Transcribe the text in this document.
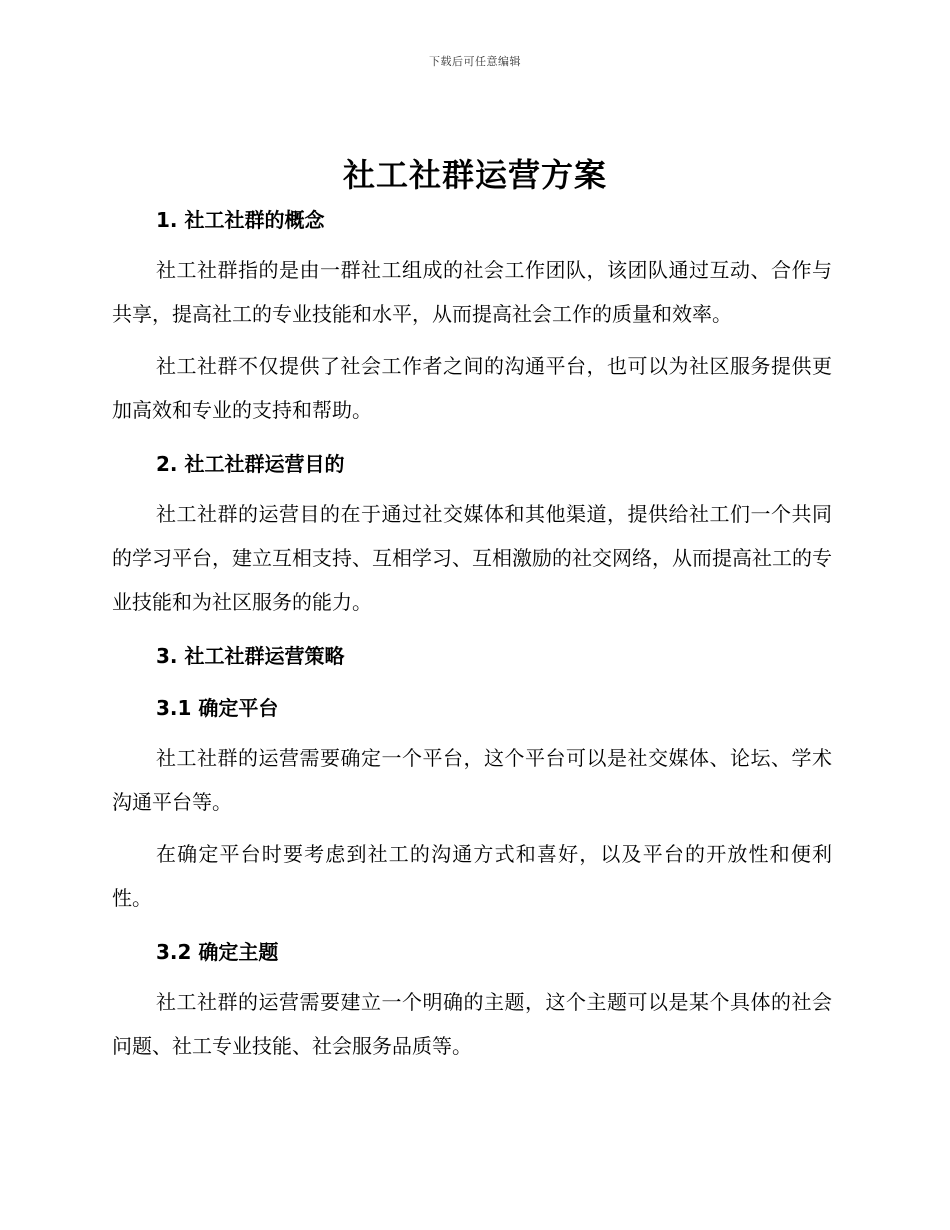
下载后可任意编辑
社工社群运营方案
1. 社工社群的概念

社工社群指的是由一群社工组成的社会工作团队，该团队通过互动、合作与共享，提高社工的专业技能和水平，从而提高社会工作的质量和效率。

社工社群不仅提供了社会工作者之间的沟通平台，也可以为社区服务提供更加高效和专业的支持和帮助。

2. 社工社群运营目的

社工社群的运营目的在于通过社交媒体和其他渠道，提供给社工们一个共同的学习平台，建立互相支持、互相学习、互相激励的社交网络，从而提高社工的专业技能和为社区服务的能力。

3. 社工社群运营策略
3.1 确定平台

社工社群的运营需要确定一个平台，这个平台可以是社交媒体、论坛、学术沟通平台等。

在确定平台时要考虑到社工的沟通方式和喜好，以及平台的开放性和便利性。

3.2 确定主题

社工社群的运营需要建立一个明确的主题，这个主题可以是某个具体的社会问题、社工专业技能、社会服务品质等。
